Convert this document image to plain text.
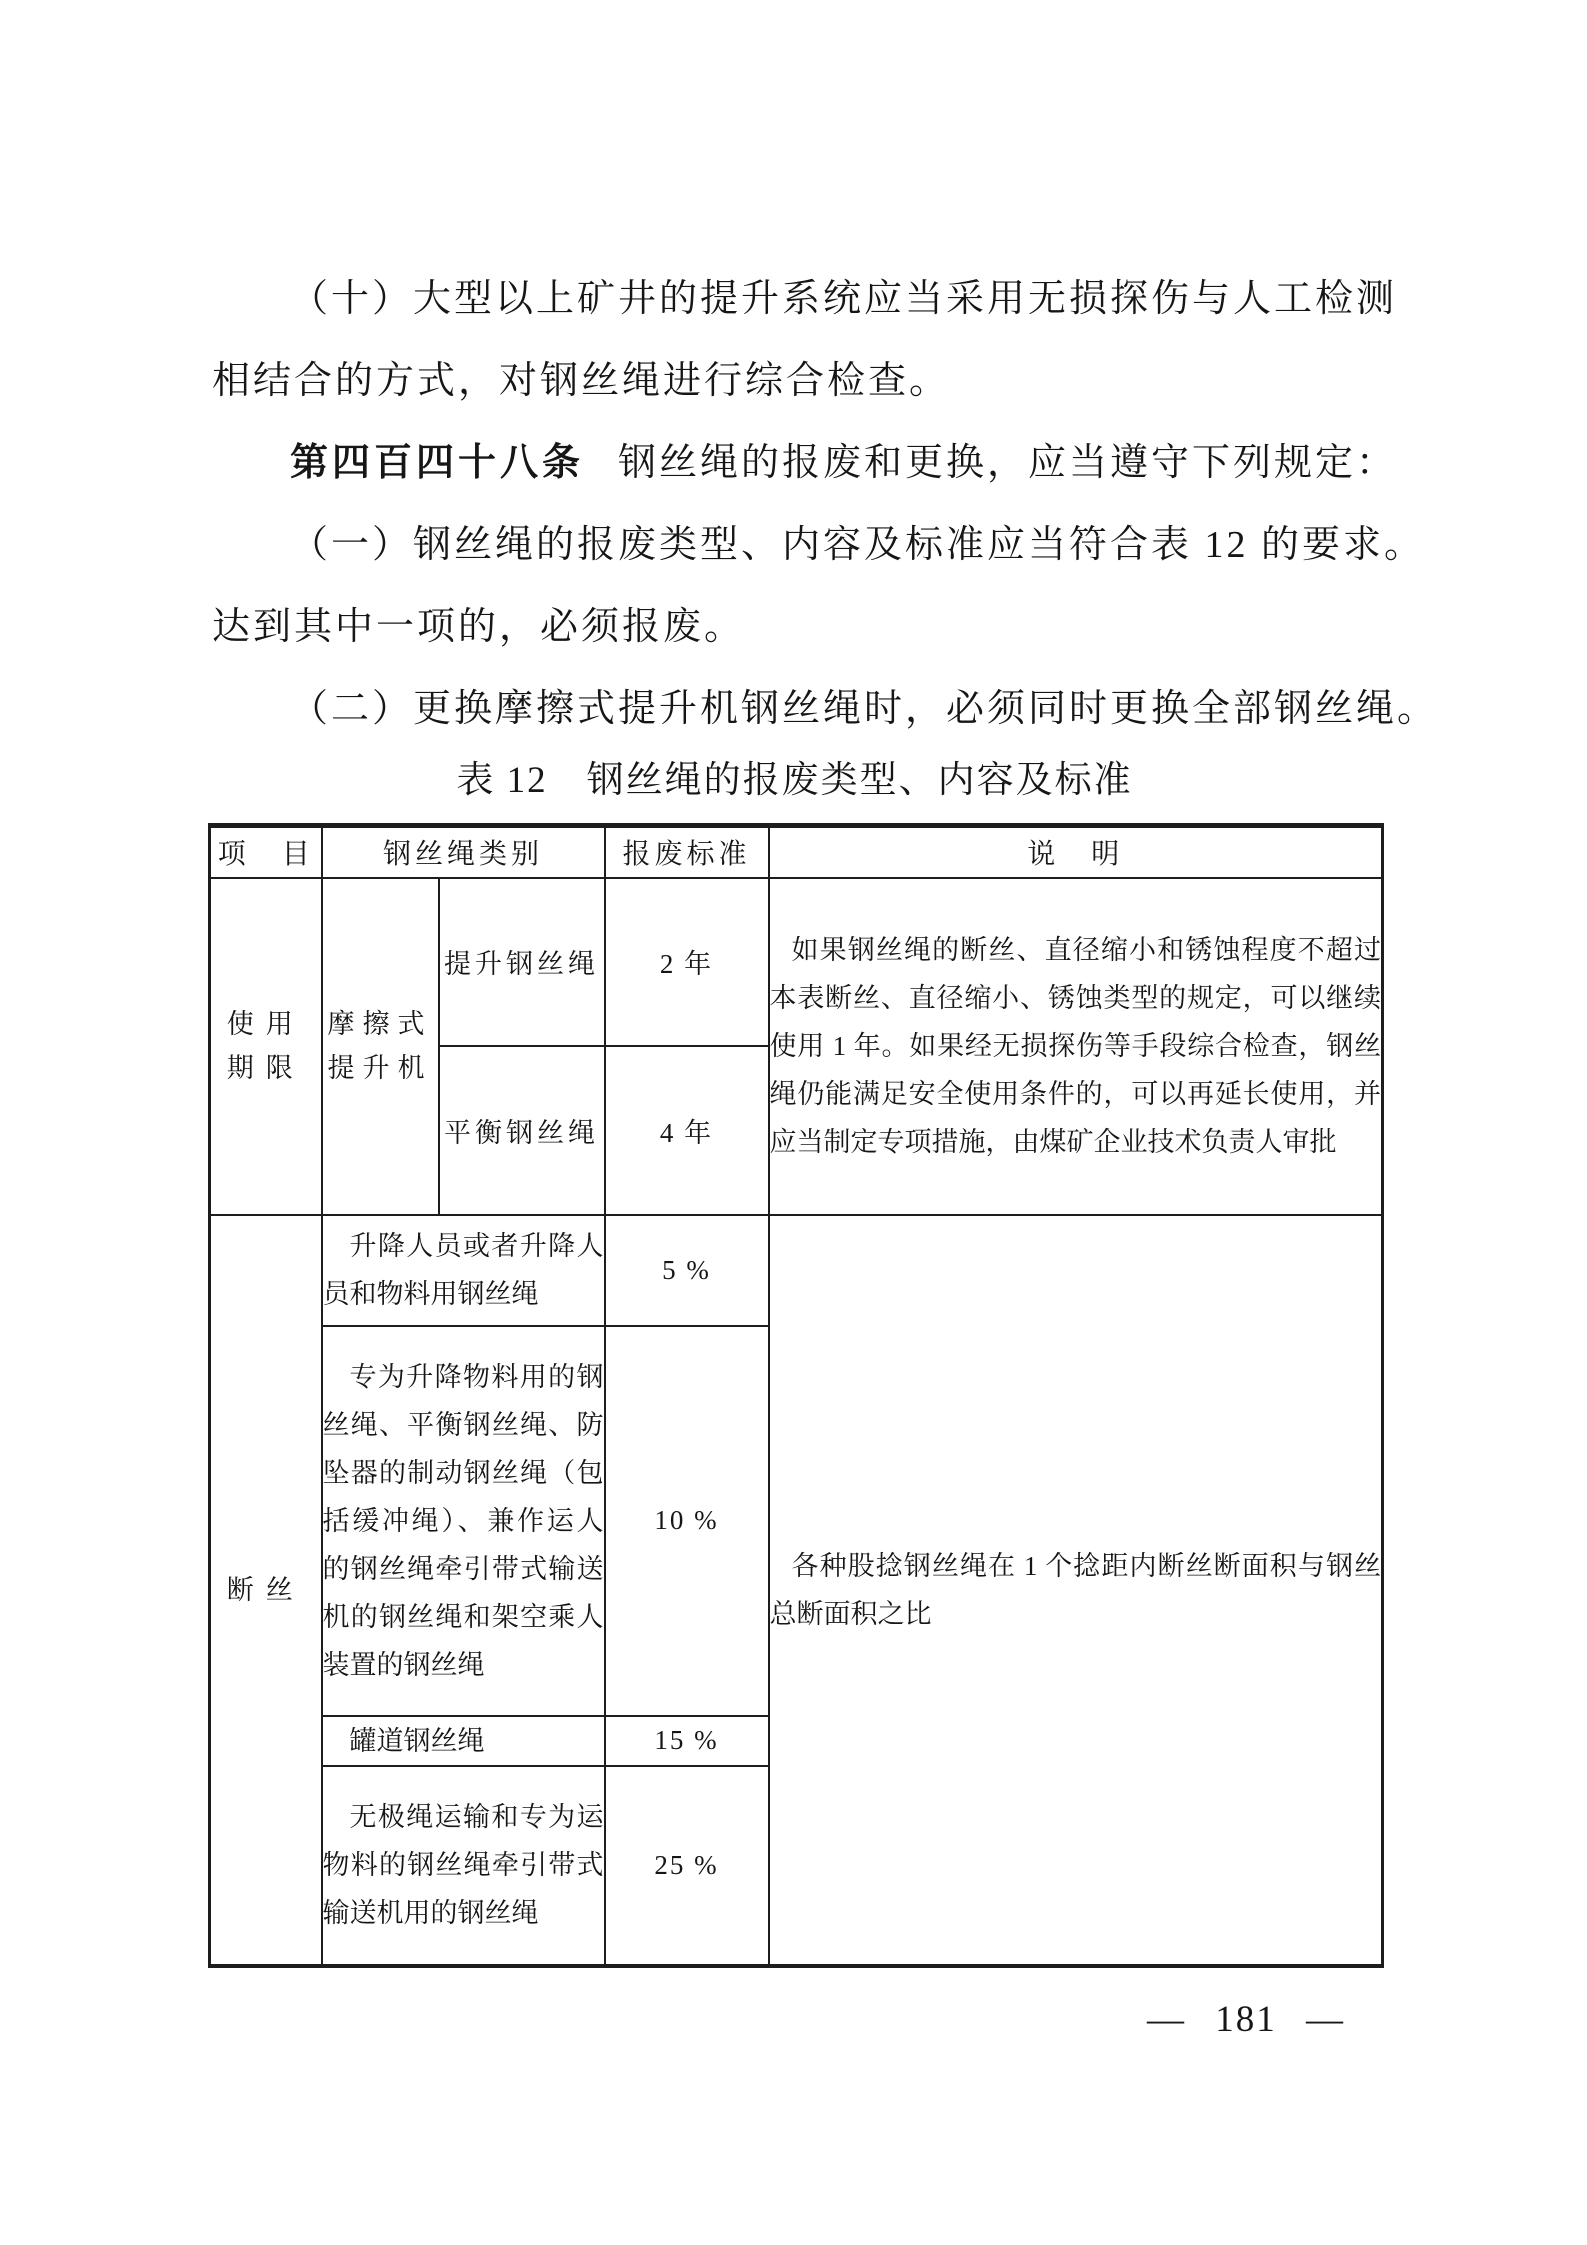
（十）大型以上矿井的提升系统应当采用无损探伤与人工检测
相结合的方式，对钢丝绳进行综合检查。
第四百四十八条 钢丝绳的报废和更换，应当遵守下列规定：
（一）钢丝绳的报废类型、内容及标准应当符合表 12 的要求。
达到其中一项的，必须报废。
（二）更换摩擦式提升机钢丝绳时，必须同时更换全部钢丝绳。
表 12　钢丝绳的报废类型、内容及标准
项　目	钢丝绳类别		报废标准	说　明
使用期限	摩擦式提升机	提升钢丝绳	2 年	如果钢丝绳的断丝、直径缩小和锈蚀程度不超过本表断丝、直径缩小、锈蚀类型的规定，可以继续使用 1 年。如果经无损探伤等手段综合检查，钢丝绳仍能满足安全使用条件的，可以再延长使用，并应当制定专项措施，由煤矿企业技术负责人审批
		平衡钢丝绳	4 年	
断丝	升降人员或者升降人员和物料用钢丝绳		5 %	各种股捻钢丝绳在 1 个捻距内断丝断面积与钢丝总断面积之比
	专为升降物料用的钢丝绳、平衡钢丝绳、防坠器的制动钢丝绳（包括缓冲绳）、兼作运人的钢丝绳牵引带式输送机的钢丝绳和架空乘人装置的钢丝绳		10 %	
	罐道钢丝绳		15 %	
	无极绳运输和专为运物料的钢丝绳牵引带式输送机用的钢丝绳		25 %	
— 181 —
